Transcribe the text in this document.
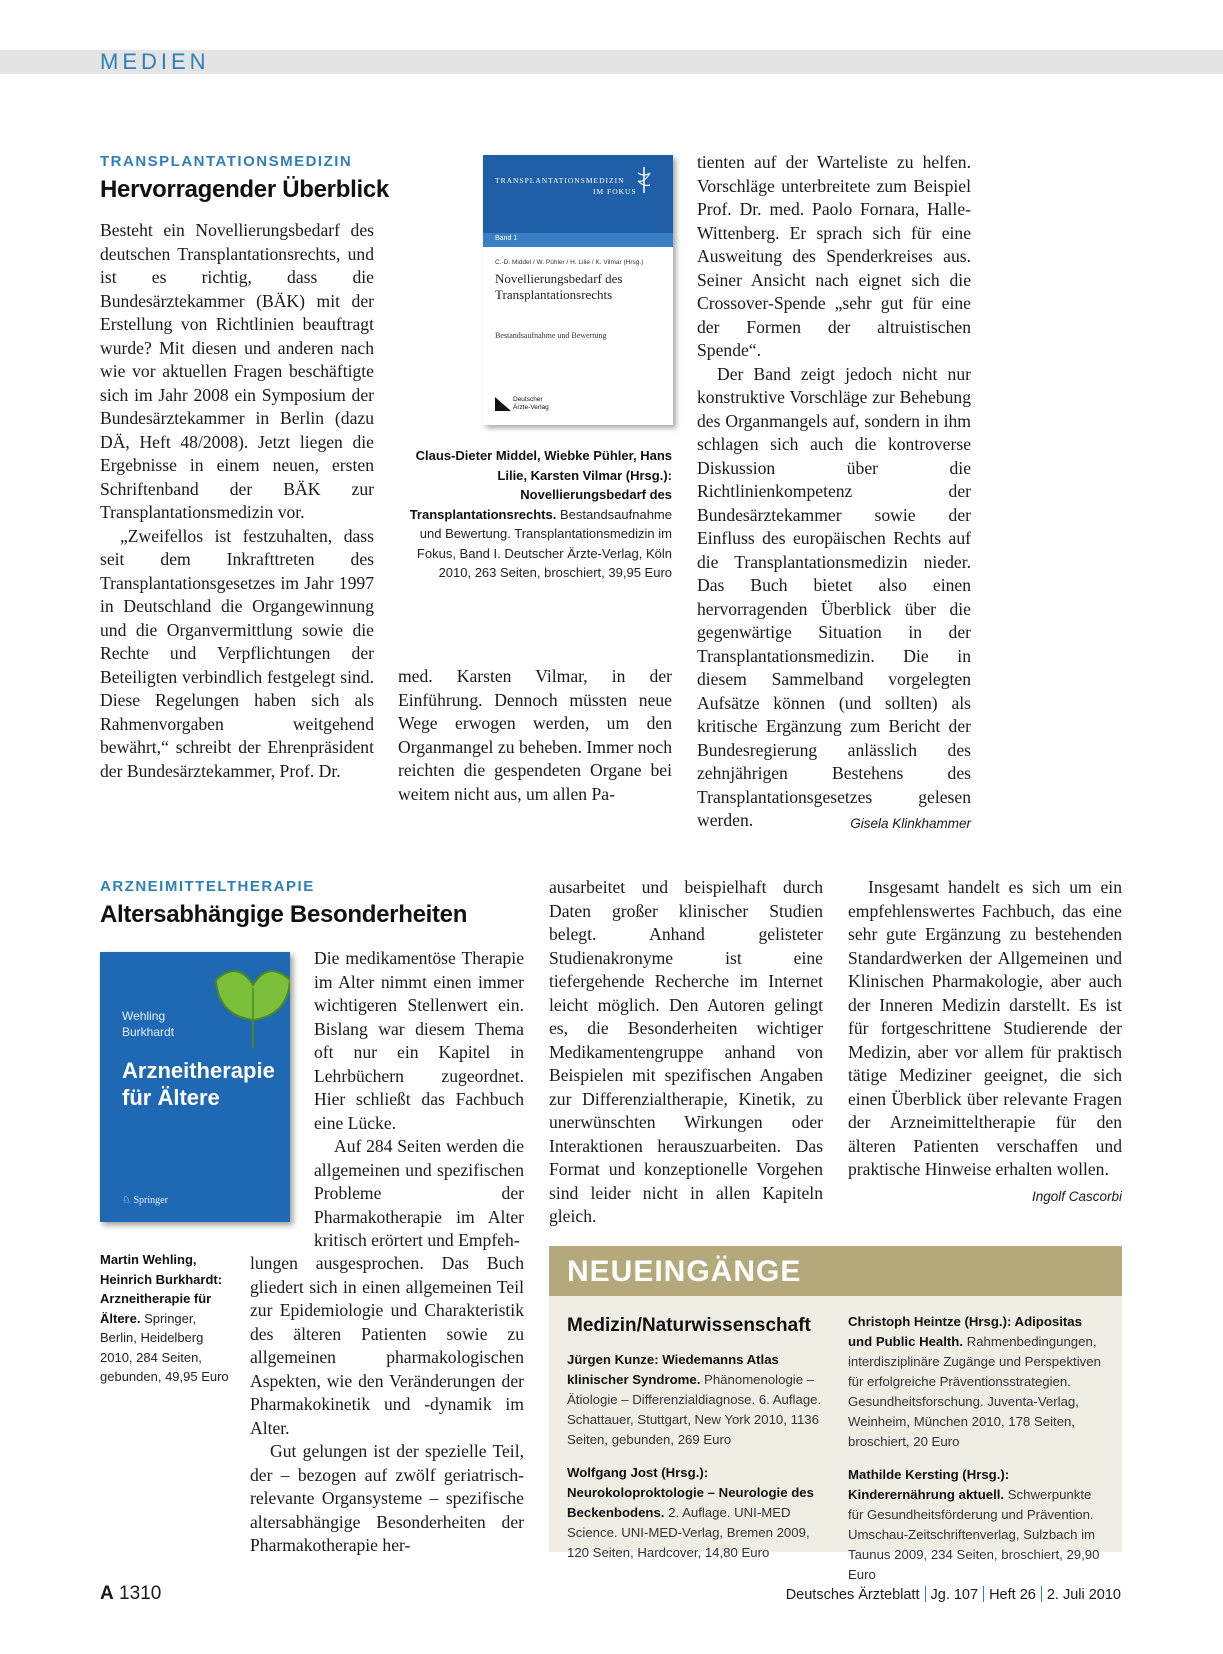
MEDIEN
TRANSPLANTATIONSMEDIZIN
Hervorragender Überblick

Besteht ein Novellierungsbedarf des deutschen Transplantationsrechts, und ist es richtig, dass die Bundesärztekammer (BÄK) mit der Erstellung von Richtlinien beauftragt wurde? Mit diesen und anderen nach wie vor aktuellen Fragen beschäftigte sich im Jahr 2008 ein Symposium der Bundesärztekammer in Berlin (dazu DÄ, Heft 48/2008). Jetzt liegen die Ergebnisse in einem neuen, ersten Schriftenband der BÄK zur Transplantationsmedizin vor.

„Zweifellos ist festzuhalten, dass seit dem Inkrafttreten des Transplantationsgesetzes im Jahr 1997 in Deutschland die Organgewinnung und die Organvermittlung sowie die Rechte und Verpflichtungen der Beteiligten verbindlich festgelegt sind. Diese Regelungen haben sich als Rahmenvorgaben weitgehend bewährt,“ schreibt der Ehrenpräsident der Bundesärztekammer, Prof. Dr.

TRANSPLANTATIONSMEDIZIN
IM FOKUS
Band 1
C.-D. Middel / W. Pühler / H. Lilie / K. Vilmar (Hrsg.)
Novellierungsbedarf des Transplantationsrechts
Bestandsaufnahme und Bewertung
Deutscher
Ärzte-Verlag
Claus-Dieter Middel, Wiebke Pühler, Hans Lilie, Karsten Vilmar (Hrsg.): Novellierungsbedarf des Transplantationsrechts. Bestandsaufnahme und Bewertung. Transplantationsmedizin im Fokus, Band I. Deutscher Ärzte-Verlag, Köln 2010, 263 Seiten, broschiert, 39,95 Euro

med. Karsten Vilmar, in der Einführung. Dennoch müssten neue Wege erwogen werden, um den Organmangel zu beheben. Immer noch reichten die gespendeten Organe bei weitem nicht aus, um allen Pa-

tienten auf der Warteliste zu helfen. Vorschläge unterbreitete zum Beispiel Prof. Dr. med. Paolo Fornara, Halle-Wittenberg. Er sprach sich für eine Ausweitung des Spenderkreises aus. Seiner Ansicht nach eignet sich die Crossover-Spende „sehr gut für eine der Formen der altruistischen Spende“.

Der Band zeigt jedoch nicht nur konstruktive Vorschläge zur Behebung des Organmangels auf, sondern in ihm schlagen sich auch die kontroverse Diskussion über die Richtlinienkompetenz der Bundesärztekammer sowie der Einfluss des europäischen Rechts auf die Transplantationsmedizin nieder. Das Buch bietet also einen hervorragenden Überblick über die gegenwärtige Situation in der Transplantationsmedizin. Die in diesem Sammelband vorgelegten Aufsätze können (und sollten) als kritische Ergänzung zum Bericht der Bundesregierung anlässlich des zehnjährigen Bestehens des Transplantationsgesetzes gelesen werden.	Gisela Klinkhammer

ARZNEIMITTELTHERAPIE
Altersabhängige Besonderheiten
Wehling
Burkhardt
Arzneitherapie
für Ältere
♘ Springer
Martin Wehling, Heinrich Burkhardt: Arzneitherapie für Ältere. Springer, Berlin, Heidelberg 2010, 284 Seiten, gebunden, 49,95 Euro

Die medikamentöse Therapie im Alter nimmt einen immer wichtigeren Stellenwert ein. Bislang war diesem Thema oft nur ein Kapitel in Lehrbüchern zugeordnet. Hier schließt das Fachbuch eine Lücke.

Auf 284 Seiten werden die allgemeinen und spezifischen Probleme der Pharmakotherapie im Alter kritisch erörtert und Empfeh-

lungen ausgesprochen. Das Buch gliedert sich in einen allgemeinen Teil zur Epidemiologie und Charakteristik des älteren Patienten sowie zu allgemeinen pharmakologischen Aspekten, wie den Veränderungen der Pharmakokinetik und -dynamik im Alter.

Gut gelungen ist der spezielle Teil, der – bezogen auf zwölf geriatrisch-relevante Organsysteme – spezifische altersabhängige Besonderheiten der Pharmakotherapie her-

ausarbeitet und beispielhaft durch Daten großer klinischer Studien belegt. Anhand gelisteter Studienakronyme ist eine tiefergehende Recherche im Internet leicht möglich. Den Autoren gelingt es, die Besonderheiten wichtiger Medikamentengruppe anhand von Beispielen mit spezifischen Angaben zur Differenzialtherapie, Kinetik, zu unerwünschten Wirkungen oder Interaktionen herauszuarbeiten. Das Format und konzeptionelle Vorgehen sind leider nicht in allen Kapiteln gleich.

Insgesamt handelt es sich um ein empfehlenswertes Fachbuch, das eine sehr gute Ergänzung zu bestehenden Standardwerken der Allgemeinen und Klinischen Pharmakologie, aber auch der Inneren Medizin darstellt. Es ist für fortgeschrittene Studierende der Medizin, aber vor allem für praktisch tätige Mediziner geeignet, die sich einen Überblick über relevante Fragen der Arzneimitteltherapie für den älteren Patienten verschaffen und praktische Hinweise erhalten wollen.
Ingolf Cascorbi

NEUEINGÄNGE
Medizin/Naturwissenschaft

Jürgen Kunze: Wiedemanns Atlas klinischer Syndrome. Phänomenologie – Ätiologie – Differenzialdiagnose. 6. Auflage. Schattauer, Stuttgart, New York 2010, 1136 Seiten, gebunden, 269 Euro

Wolfgang Jost (Hrsg.): Neurokoloproktologie – Neurologie des Beckenbodens. 2. Auflage. UNI-MED Science. UNI-MED-Verlag, Bremen 2009, 120 Seiten, Hardcover, 14,80 Euro

Christoph Heintze (Hrsg.): Adipositas und Public Health. Rahmenbedingungen, interdisziplinäre Zugänge und Perspektiven für erfolgreiche Präventionsstrategien. Gesundheitsforschung. Juventa-Verlag, Weinheim, München 2010, 178 Seiten, broschiert, 20 Euro

Mathilde Kersting (Hrsg.): Kinderernährung aktuell. Schwerpunkte für Gesundheitsförderung und Prävention. Umschau-Zeitschriftenverlag, Sulzbach im Taunus 2009, 234 Seiten, broschiert, 29,90 Euro

A 1310	Deutsches Ärzteblatt Jg. 107 Heft 26 2. Juli 2010
